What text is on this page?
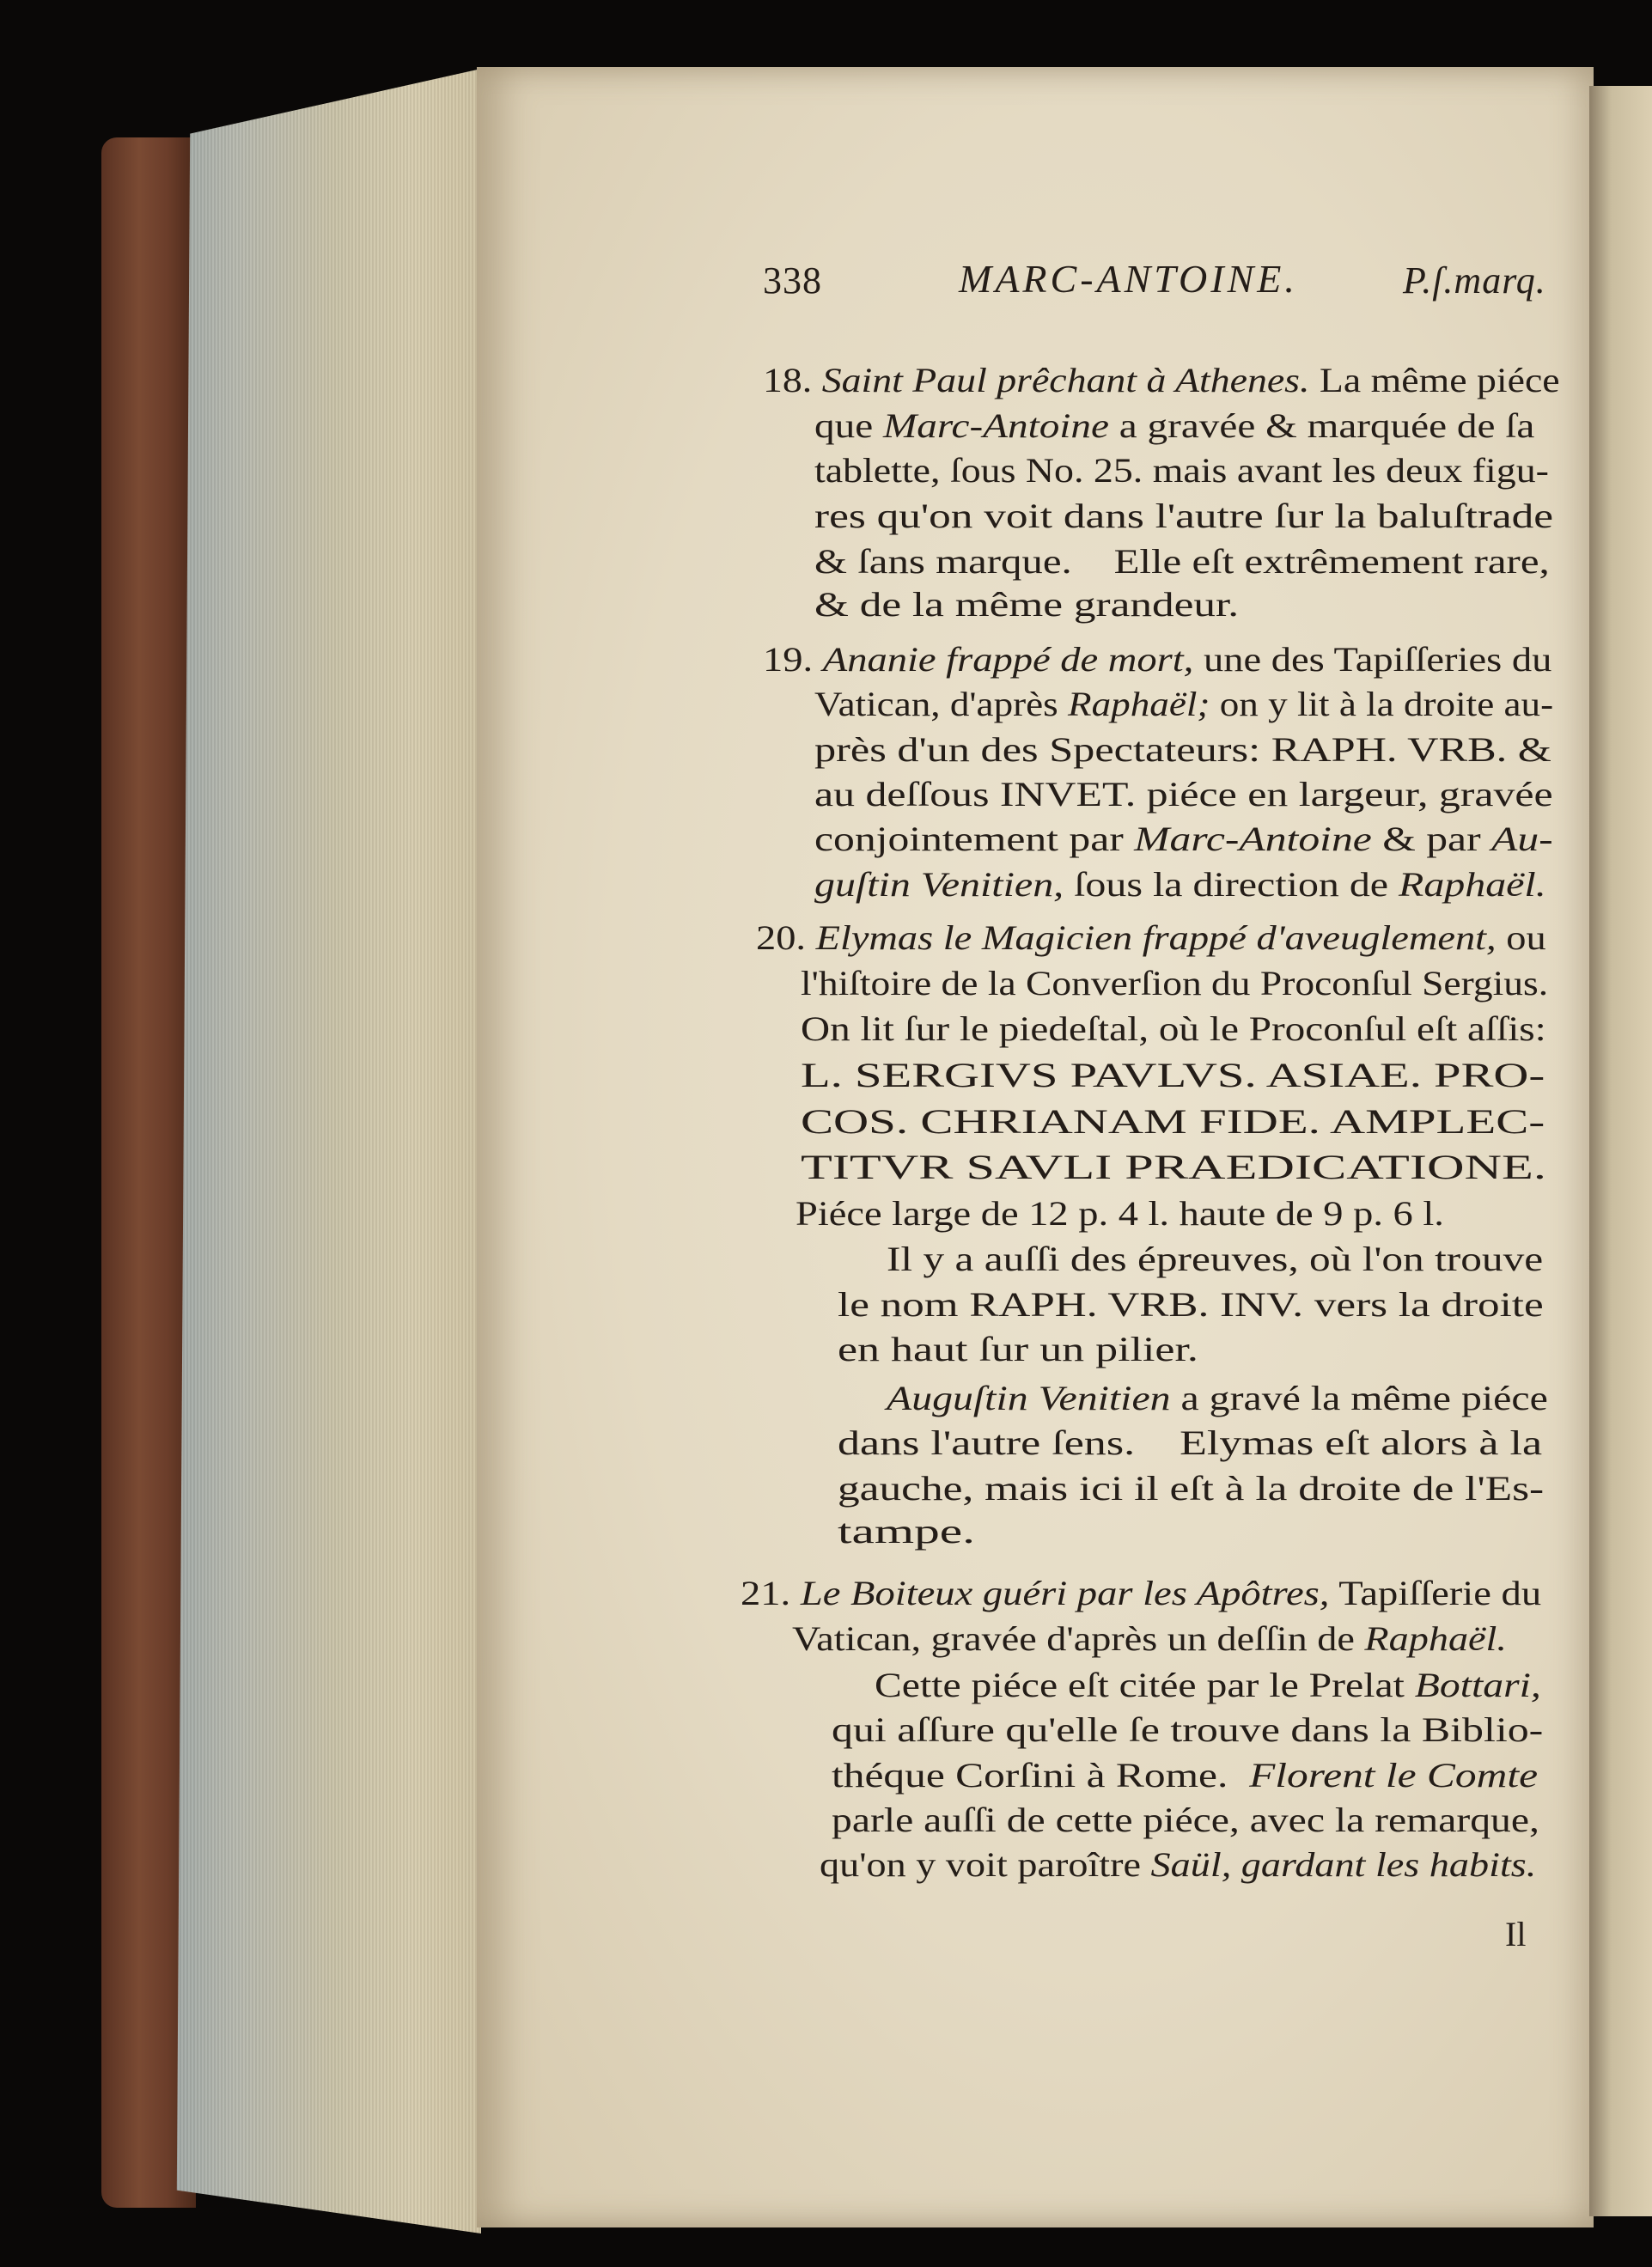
338

	MARC-ANTOINE.

	P.ſ.marq.

18. Saint Paul prêchant à Athenes. La même piéce
que Marc-Antoine a gravée & marquée de ſa
tablette, ſous No. 25. mais avant les deux figu-
res qu'on voit dans l'autre ſur la baluſtrade
& ſans marque.    Elle eſt extrêmement rare,
& de la même grandeur.
19. Ananie frappé de mort, une des Tapiſſeries du
Vatican, d'après Raphaël; on y lit à la droite au-
près d'un des Spectateurs: RAPH. VRB. &
au deſſous INVET. piéce en largeur, gravée
conjointement par Marc-Antoine & par Au-
guſtin Venitien, ſous la direction de Raphaël.
20. Elymas le Magicien frappé d'aveuglement, ou
l'hiſtoire de la Converſion du Proconſul Sergius.
On lit ſur le piedeſtal, où le Proconſul eſt aſſis:
L. SERGIVS PAVLVS. ASIAE. PRO-
COS. CHRIANAM FIDE. AMPLEC-
TITVR SAVLI PRAEDICATIONE.
Piéce large de 12 p. 4 l. haute de 9 p. 6 l.
Il y a auſſi des épreuves, où l'on trouve
le nom RAPH. VRB. INV. vers la droite
en haut ſur un pilier.
Auguſtin Venitien a gravé la même piéce
dans l'autre ſens.    Elymas eſt alors à la
gauche, mais ici il eſt à la droite de l'Es-
tampe.
21. Le Boiteux guéri par les Apôtres, Tapiſſerie du
Vatican, gravée d'après un deſſin de Raphaël.
Cette piéce eſt citée par le Prelat Bottari,
qui aſſure qu'elle ſe trouve dans la Biblio-
théque Corſini à Rome.  Florent le Comte
parle auſſi de cette piéce, avec la remarque,
qu'on y voit paroître Saül, gardant les habits.
Il
